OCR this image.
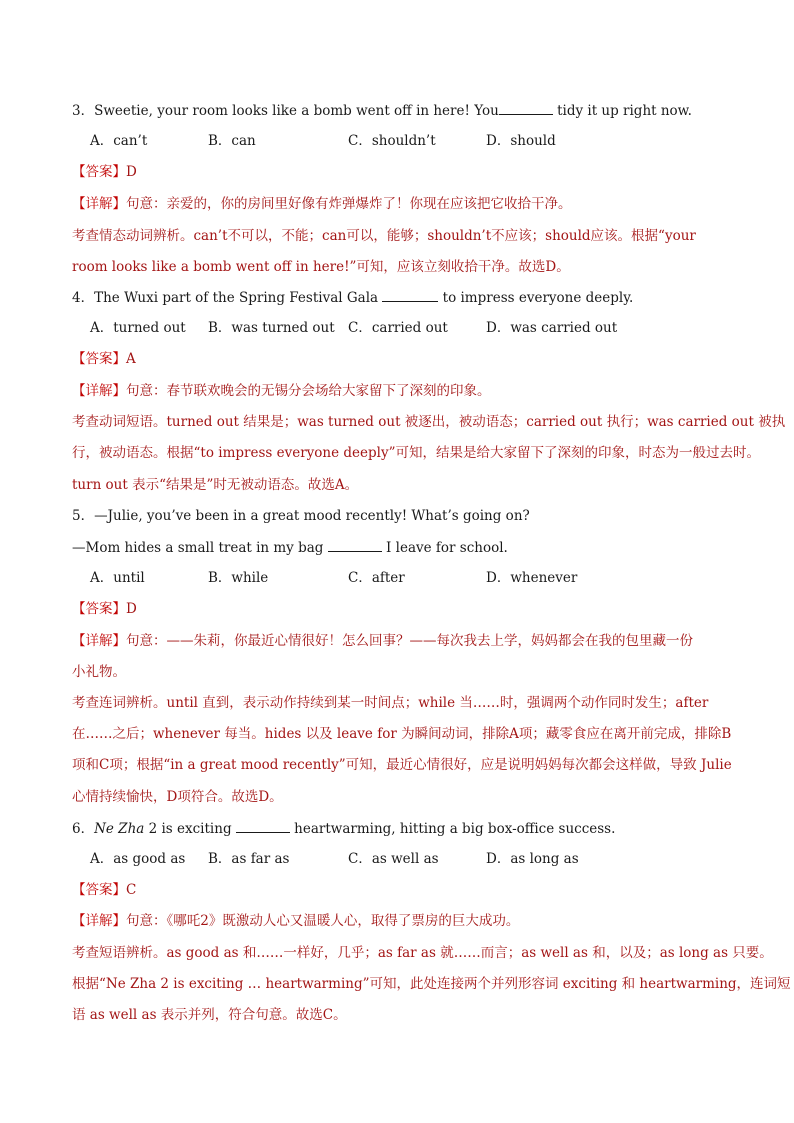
3．Sweetie, your room looks like a bomb went off in here! You	tidy it up right now.
A．can’t	B．can	C．shouldn’t	D．should
【答案】D
【详解】句意：亲爱的，你的房间里好像有炸弹爆炸了！你现在应该把它收拾干净。
考查情态动词辨析。can’t不可以，不能；can可以，能够；shouldn’t不应该；should应该。根据“your
room looks like a bomb went off in here!”可知，应该立刻收拾干净。故选D。
4．The Wuxi part of the Spring Festival Gala	to impress everyone deeply.
A．turned out B．was turned out C．carried out	D．was carried out
【答案】A
【详解】句意：春节联欢晚会的无锡分会场给大家留下了深刻的印象。
考查动词短语。turned out 结果是；was turned out 被逐出，被动语态；carried out 执行；was carried out 被执
行，被动语态。根据“to impress everyone deeply”可知，结果是给大家留下了深刻的印象，时态为一般过去时。
turn out 表示“结果是”时无被动语态。故选A。
5．—Julie, you’ve been in a great mood recently! What’s going on?
—Mom hides a small treat in my bag	I leave for school.
A．until	B．while	C．after	D．whenever
【答案】D
【详解】句意：——朱莉，你最近心情很好！怎么回事？——每次我去上学，妈妈都会在我的包里藏一份
小礼物。
考查连词辨析。until 直到，表示动作持续到某一时间点；while 当……时，强调两个动作同时发生；after
在……之后；whenever 每当。hides 以及 leave for 为瞬间动词，排除A项；藏零食应在离开前完成，排除B
项和C项；根据“in a great mood recently”可知，最近心情很好，应是说明妈妈每次都会这样做，导致 Julie
心情持续愉快，D项符合。故选D。
6．Ne Zha 2 is exciting	heartwarming, hitting a big box-office success.
A．as good as B．as far as	C．as well as	D．as long as
【答案】C
【详解】句意：《哪吒2》既激动人心又温暖人心，取得了票房的巨大成功。
考查短语辨析。as good as 和……一样好，几乎；as far as 就……而言；as well as 和，以及；as long as 只要。
根据“Ne Zha 2 is exciting … heartwarming”可知，此处连接两个并列形容词 exciting 和 heartwarming，连词短
语 as well as 表示并列，符合句意。故选C。
